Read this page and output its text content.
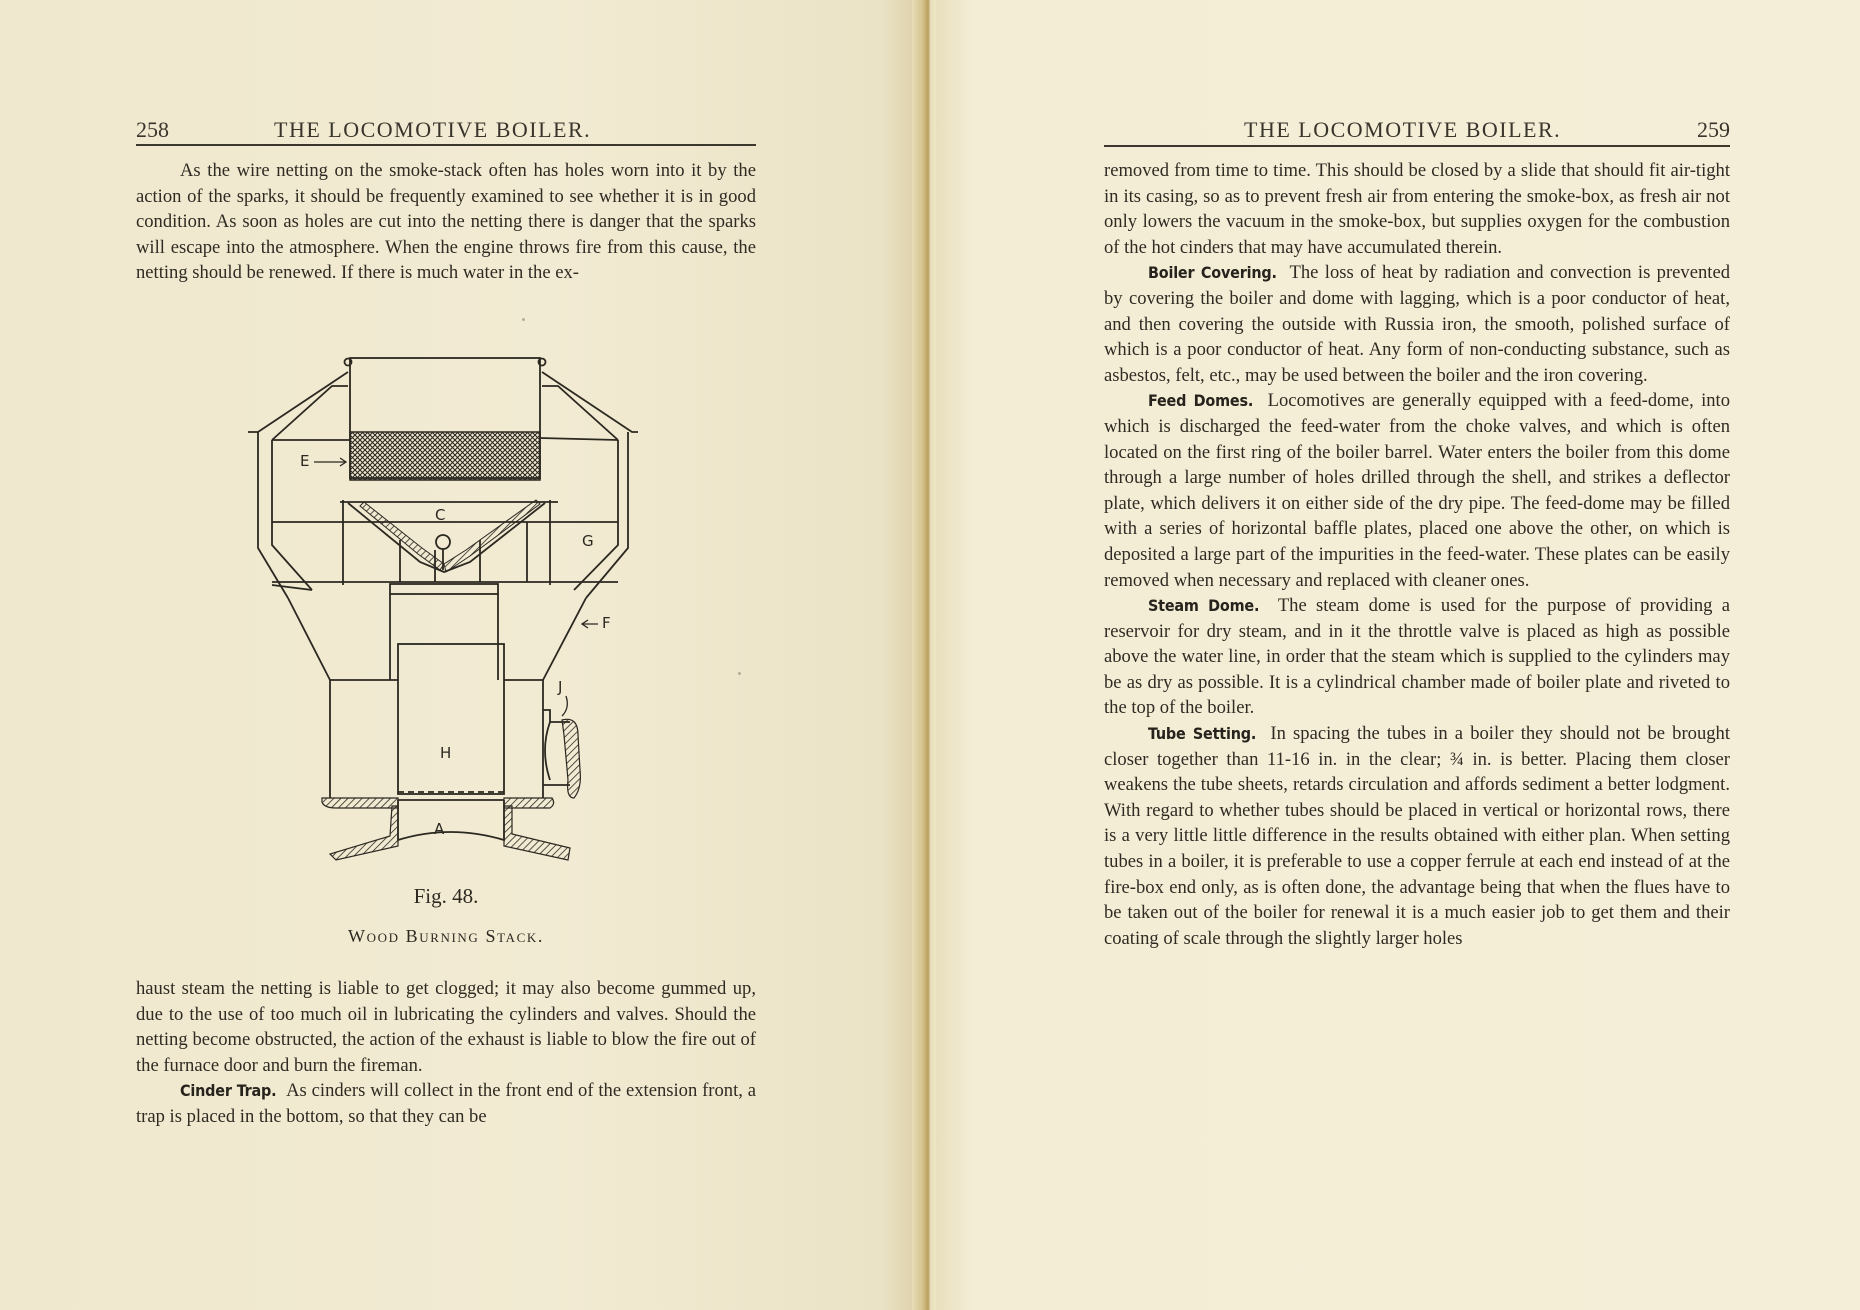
258	THE LOCOMOTIVE BOILER.

As the wire netting on the smoke-stack often has holes worn into it by the action of the sparks, it should be frequently examined to see whether it is in good condition. As soon as holes are cut into the netting there is danger that the sparks will escape into the atmosphere. When the engine throws fire from this cause, the netting should be renewed. If there is much water in the ex-

E
C
G
F
H
J
A
Fig. 48.
Wood Burning Stack.

haust steam the netting is liable to get clogged; it may also become gummed up, due to the use of too much oil in lubricating the cylinders and valves. Should the netting become obstructed, the action of the exhaust is liable to blow the fire out of the furnace door and burn the fireman.

Cinder Trap. As cinders will collect in the front end of the extension front, a trap is placed in the bottom, so that they can be

THE LOCOMOTIVE BOILER.	259

removed from time to time. This should be closed by a slide that should fit air-tight in its casing, so as to prevent fresh air from entering the smoke-box, as fresh air not only lowers the vacuum in the smoke-box, but supplies oxygen for the combustion of the hot cinders that may have accumulated therein.

Boiler Covering. The loss of heat by radiation and convection is prevented by covering the boiler and dome with lagging, which is a poor conductor of heat, and then covering the outside with Russia iron, the smooth, polished surface of which is a poor conductor of heat. Any form of non-conducting substance, such as asbestos, felt, etc., may be used between the boiler and the iron covering.

Feed Domes. Locomotives are generally equipped with a feed-dome, into which is discharged the feed-water from the choke valves, and which is often located on the first ring of the boiler barrel. Water enters the boiler from this dome through a large number of holes drilled through the shell, and strikes a deflector plate, which delivers it on either side of the dry pipe. The feed-dome may be filled with a series of horizontal baffle plates, placed one above the other, on which is deposited a large part of the impurities in the feed-water. These plates can be easily removed when necessary and replaced with cleaner ones.

Steam Dome. The steam dome is used for the purpose of providing a reservoir for dry steam, and in it the throttle valve is placed as high as possible above the water line, in order that the steam which is supplied to the cylinders may be as dry as possible. It is a cylindrical chamber made of boiler plate and riveted to the top of the boiler.

Tube Setting. In spacing the tubes in a boiler they should not be brought closer together than 11-16 in. in the clear; ¾ in. is better. Placing them closer weakens the tube sheets, retards circulation and affords sediment a better lodgment. With regard to whether tubes should be placed in vertical or horizontal rows, there is a very little little difference in the results obtained with either plan. When setting tubes in a boiler, it is preferable to use a copper ferrule at each end instead of at the fire-box end only, as is often done, the advantage being that when the flues have to be taken out of the boiler for renewal it is a much easier job to get them and their coating of scale through the slightly larger holes
